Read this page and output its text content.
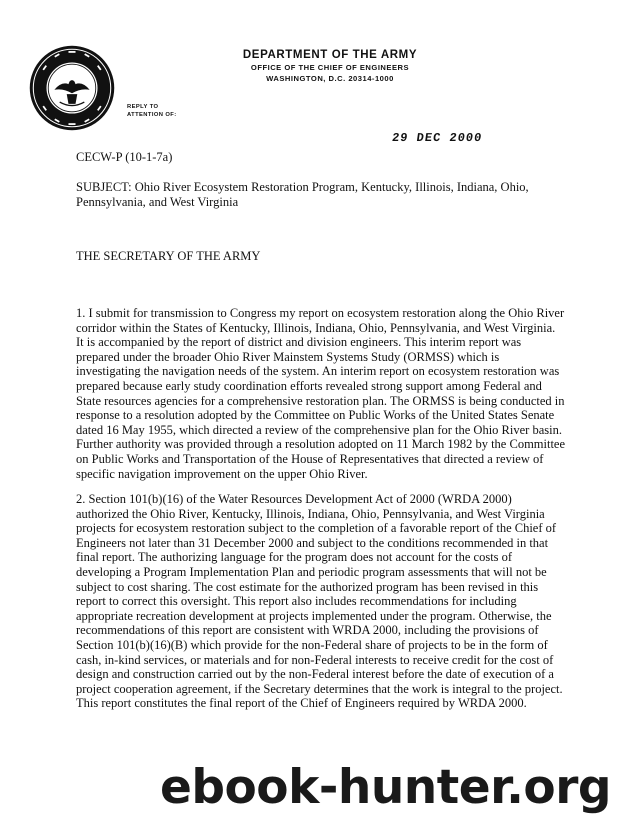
DEPARTMENT OF THE ARMY
OFFICE OF THE CHIEF OF ENGINEERS
WASHINGTON, D.C. 20314-1000
REPLY TO
ATTENTION OF:
29 DEC 2000
CECW-P (10-1-7a)
SUBJECT: Ohio River Ecosystem Restoration Program, Kentucky, Illinois, Indiana, Ohio, Pennsylvania, and West Virginia
THE SECRETARY OF THE ARMY
1. I submit for transmission to Congress my report on ecosystem restoration along the Ohio River corridor within the States of Kentucky, Illinois, Indiana, Ohio, Pennsylvania, and West Virginia. It is accompanied by the report of district and division engineers. This interim report was prepared under the broader Ohio River Mainstem Systems Study (ORMSS) which is investigating the navigation needs of the system. An interim report on ecosystem restoration was prepared because early study coordination efforts revealed strong support among Federal and State resources agencies for a comprehensive restoration plan. The ORMSS is being conducted in response to a resolution adopted by the Committee on Public Works of the United States Senate dated 16 May 1955, which directed a review of the comprehensive plan for the Ohio River basin. Further authority was provided through a resolution adopted on 11 March 1982 by the Committee on Public Works and Transportation of the House of Representatives that directed a review of specific navigation improvement on the upper Ohio River.
2. Section 101(b)(16) of the Water Resources Development Act of 2000 (WRDA 2000) authorized the Ohio River, Kentucky, Illinois, Indiana, Ohio, Pennsylvania, and West Virginia projects for ecosystem restoration subject to the completion of a favorable report of the Chief of Engineers not later than 31 December 2000 and subject to the conditions recommended in that final report. The authorizing language for the program does not account for the costs of developing a Program Implementation Plan and periodic program assessments that will not be subject to cost sharing. The cost estimate for the authorized program has been revised in this report to correct this oversight. This report also includes recommendations for including appropriate recreation development at projects implemented under the program. Otherwise, the recommendations of this report are consistent with WRDA 2000, including the provisions of Section 101(b)(16)(B) which provide for the non-Federal share of projects to be in the form of cash, in-kind services, or materials and for non-Federal interests to receive credit for the cost of design and construction carried out by the non-Federal interest before the date of execution of a project cooperation agreement, if the Secretary determines that the work is integral to the project. This report constitutes the final report of the Chief of Engineers required by WRDA 2000.
ebook-hunter.org
